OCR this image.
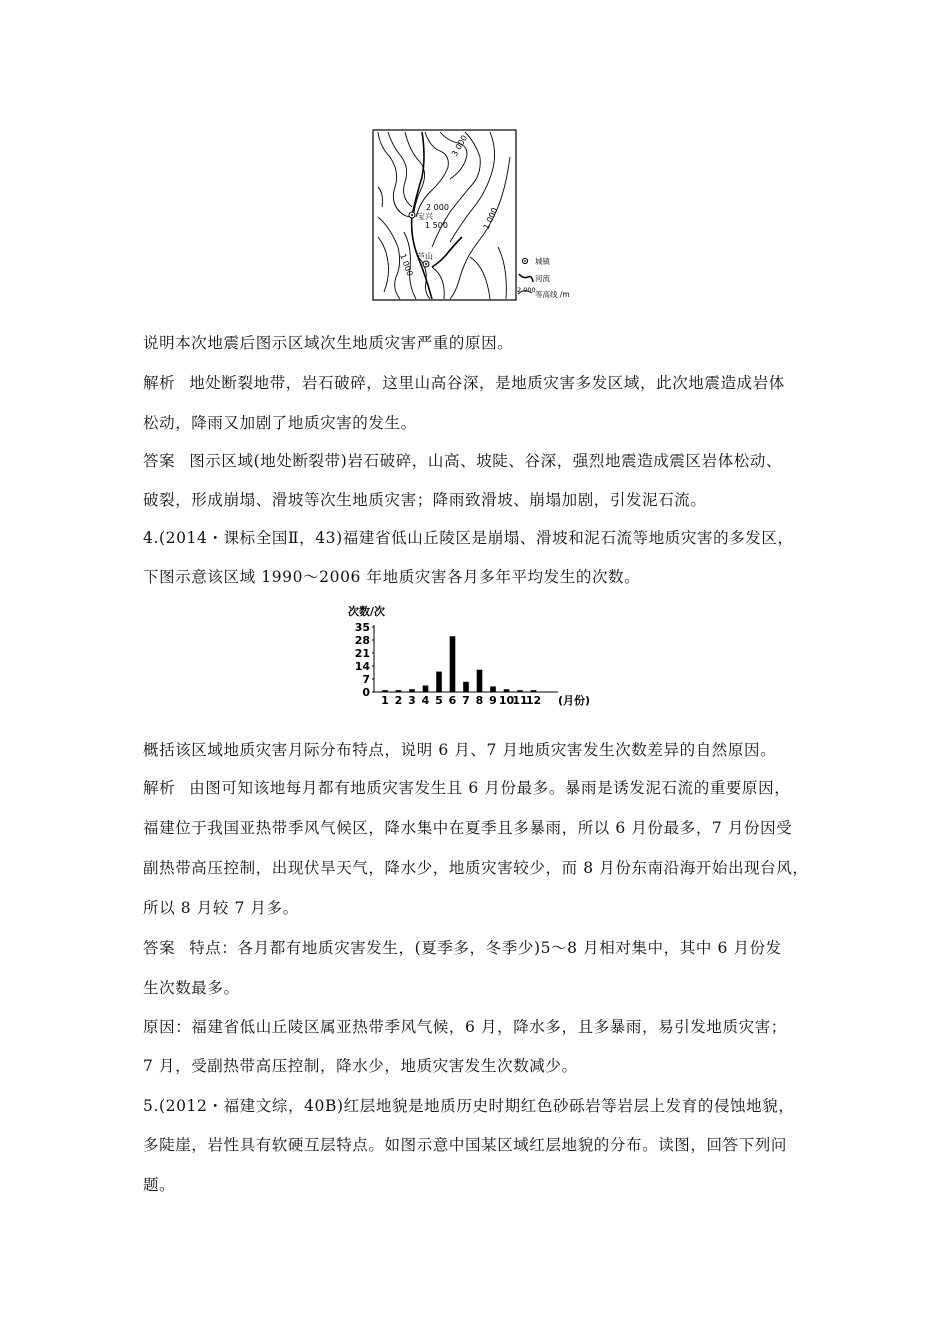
3 000
2 000
1 500
1 000
1 000
宝兴
芦山
城镇
河流
2 000 等高线 /m
说明本次地震后图示区域次生地质灾害严重的原因。
解析 地处断裂地带，岩石破碎，这里山高谷深，是地质灾害多发区域，此次地震造成岩体
松动，降雨又加剧了地质灾害的发生。
答案 图示区域(地处断裂带)岩石破碎，山高、坡陡、谷深，强烈地震造成震区岩体松动、
破裂，形成崩塌、滑坡等次生地质灾害；降雨致滑坡、崩塌加剧，引发泥石流。
4.(2014・课标全国Ⅱ，43)福建省低山丘陵区是崩塌、滑坡和泥石流等地质灾害的多发区，
下图示意该区域 1990～2006 年地质灾害各月多年平均发生的次数。
次数/次
0
7
14
21
28
35
1 2 3 4 5 6 7 8 9 10
11
12 (月份)
概括该区域地质灾害月际分布特点，说明 6 月、7 月地质灾害发生次数差异的自然原因。
解析 由图可知该地每月都有地质灾害发生且 6 月份最多。暴雨是诱发泥石流的重要原因，
福建位于我国亚热带季风气候区，降水集中在夏季且多暴雨，所以 6 月份最多，7 月份因受
副热带高压控制，出现伏旱天气，降水少，地质灾害较少，而 8 月份东南沿海开始出现台风，
所以 8 月较 7 月多。
答案 特点：各月都有地质灾害发生，(夏季多，冬季少)5～8 月相对集中，其中 6 月份发
生次数最多。
原因：福建省低山丘陵区属亚热带季风气候，6 月，降水多，且多暴雨，易引发地质灾害；
7 月，受副热带高压控制，降水少，地质灾害发生次数减少。
5.(2012・福建文综，40B)红层地貌是地质历史时期红色砂砾岩等岩层上发育的侵蚀地貌，
多陡崖，岩性具有软硬互层特点。如图示意中国某区域红层地貌的分布。读图，回答下列问
题。
